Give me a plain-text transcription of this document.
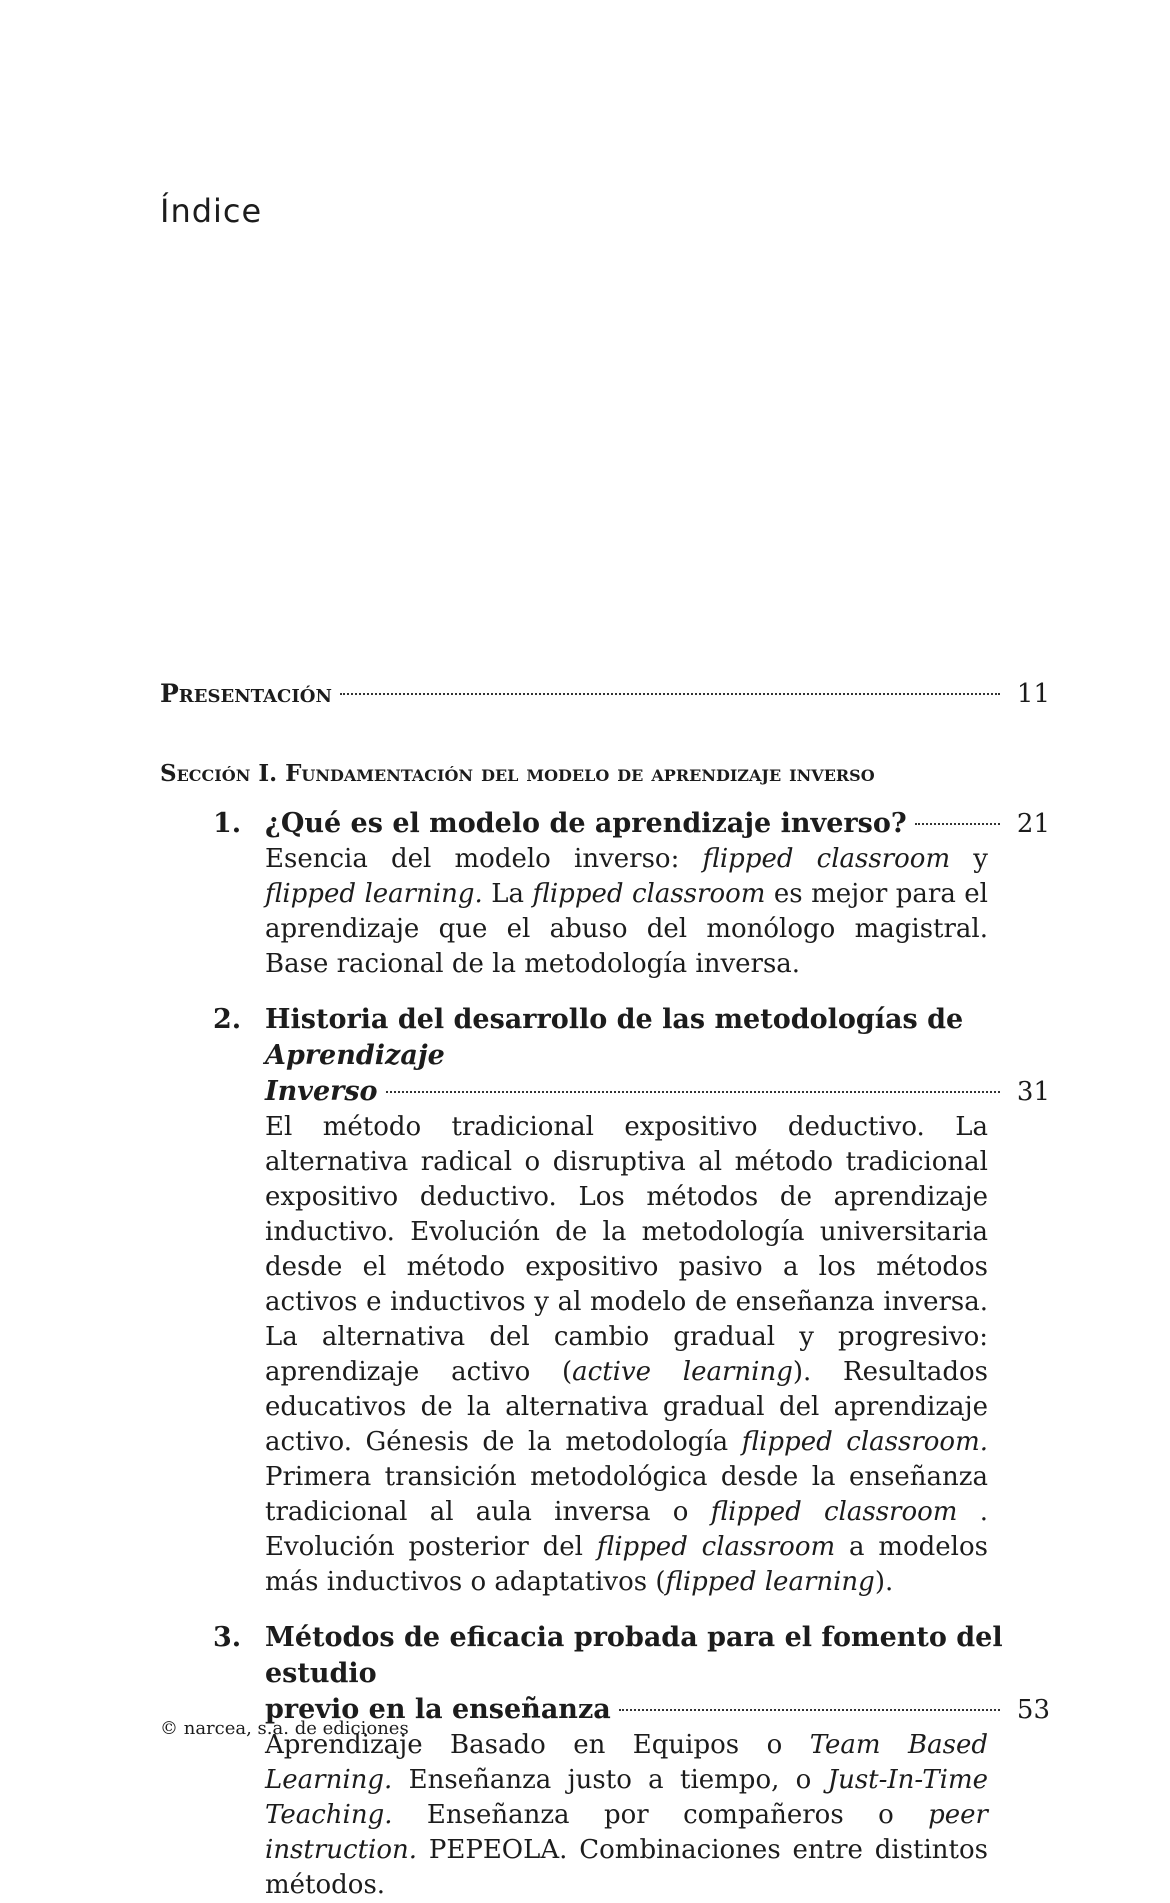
Índice
Presentación	11
Sección I. Fundamentación del modelo de aprendizaje inverso
1. ¿Qué es el modelo de aprendizaje inverso?	21
Esencia del modelo inverso: flipped classroom y flipped learning. La flipped classroom es mejor para el aprendizaje que el abuso del monólogo magistral. Base racional de la metodología inversa.
2. Historia del desarrollo de las metodologías de Aprendizaje
Inverso	31
El método tradicional expositivo deductivo. La alternativa radical o disruptiva al método tradicional expositivo deductivo. Los métodos de aprendizaje inductivo. Evolución de la metodología universitaria desde el método expositivo pasivo a los métodos activos e inductivos y al modelo de enseñanza inversa. La alternativa del cambio gradual y progresivo: aprendizaje activo (active learning). Resultados educativos de la alternativa gradual del aprendizaje activo. Génesis de la metodología flipped classroom. Primera transición metodológica desde la enseñanza tradicional al aula inversa o flipped classroom . Evolución posterior del flipped classroom a modelos más inductivos o adaptativos (flipped learning).
3. Métodos de eficacia probada para el fomento del estudio
previo en la enseñanza	53
Aprendizaje Basado en Equipos o Team Based Learning. Enseñanza justo a tiempo, o Just-In-Time Teaching. Enseñanza por compañeros o peer instruction. PEPEOLA. Combinaciones entre distintos métodos.
© narcea, s.a. de ediciones
